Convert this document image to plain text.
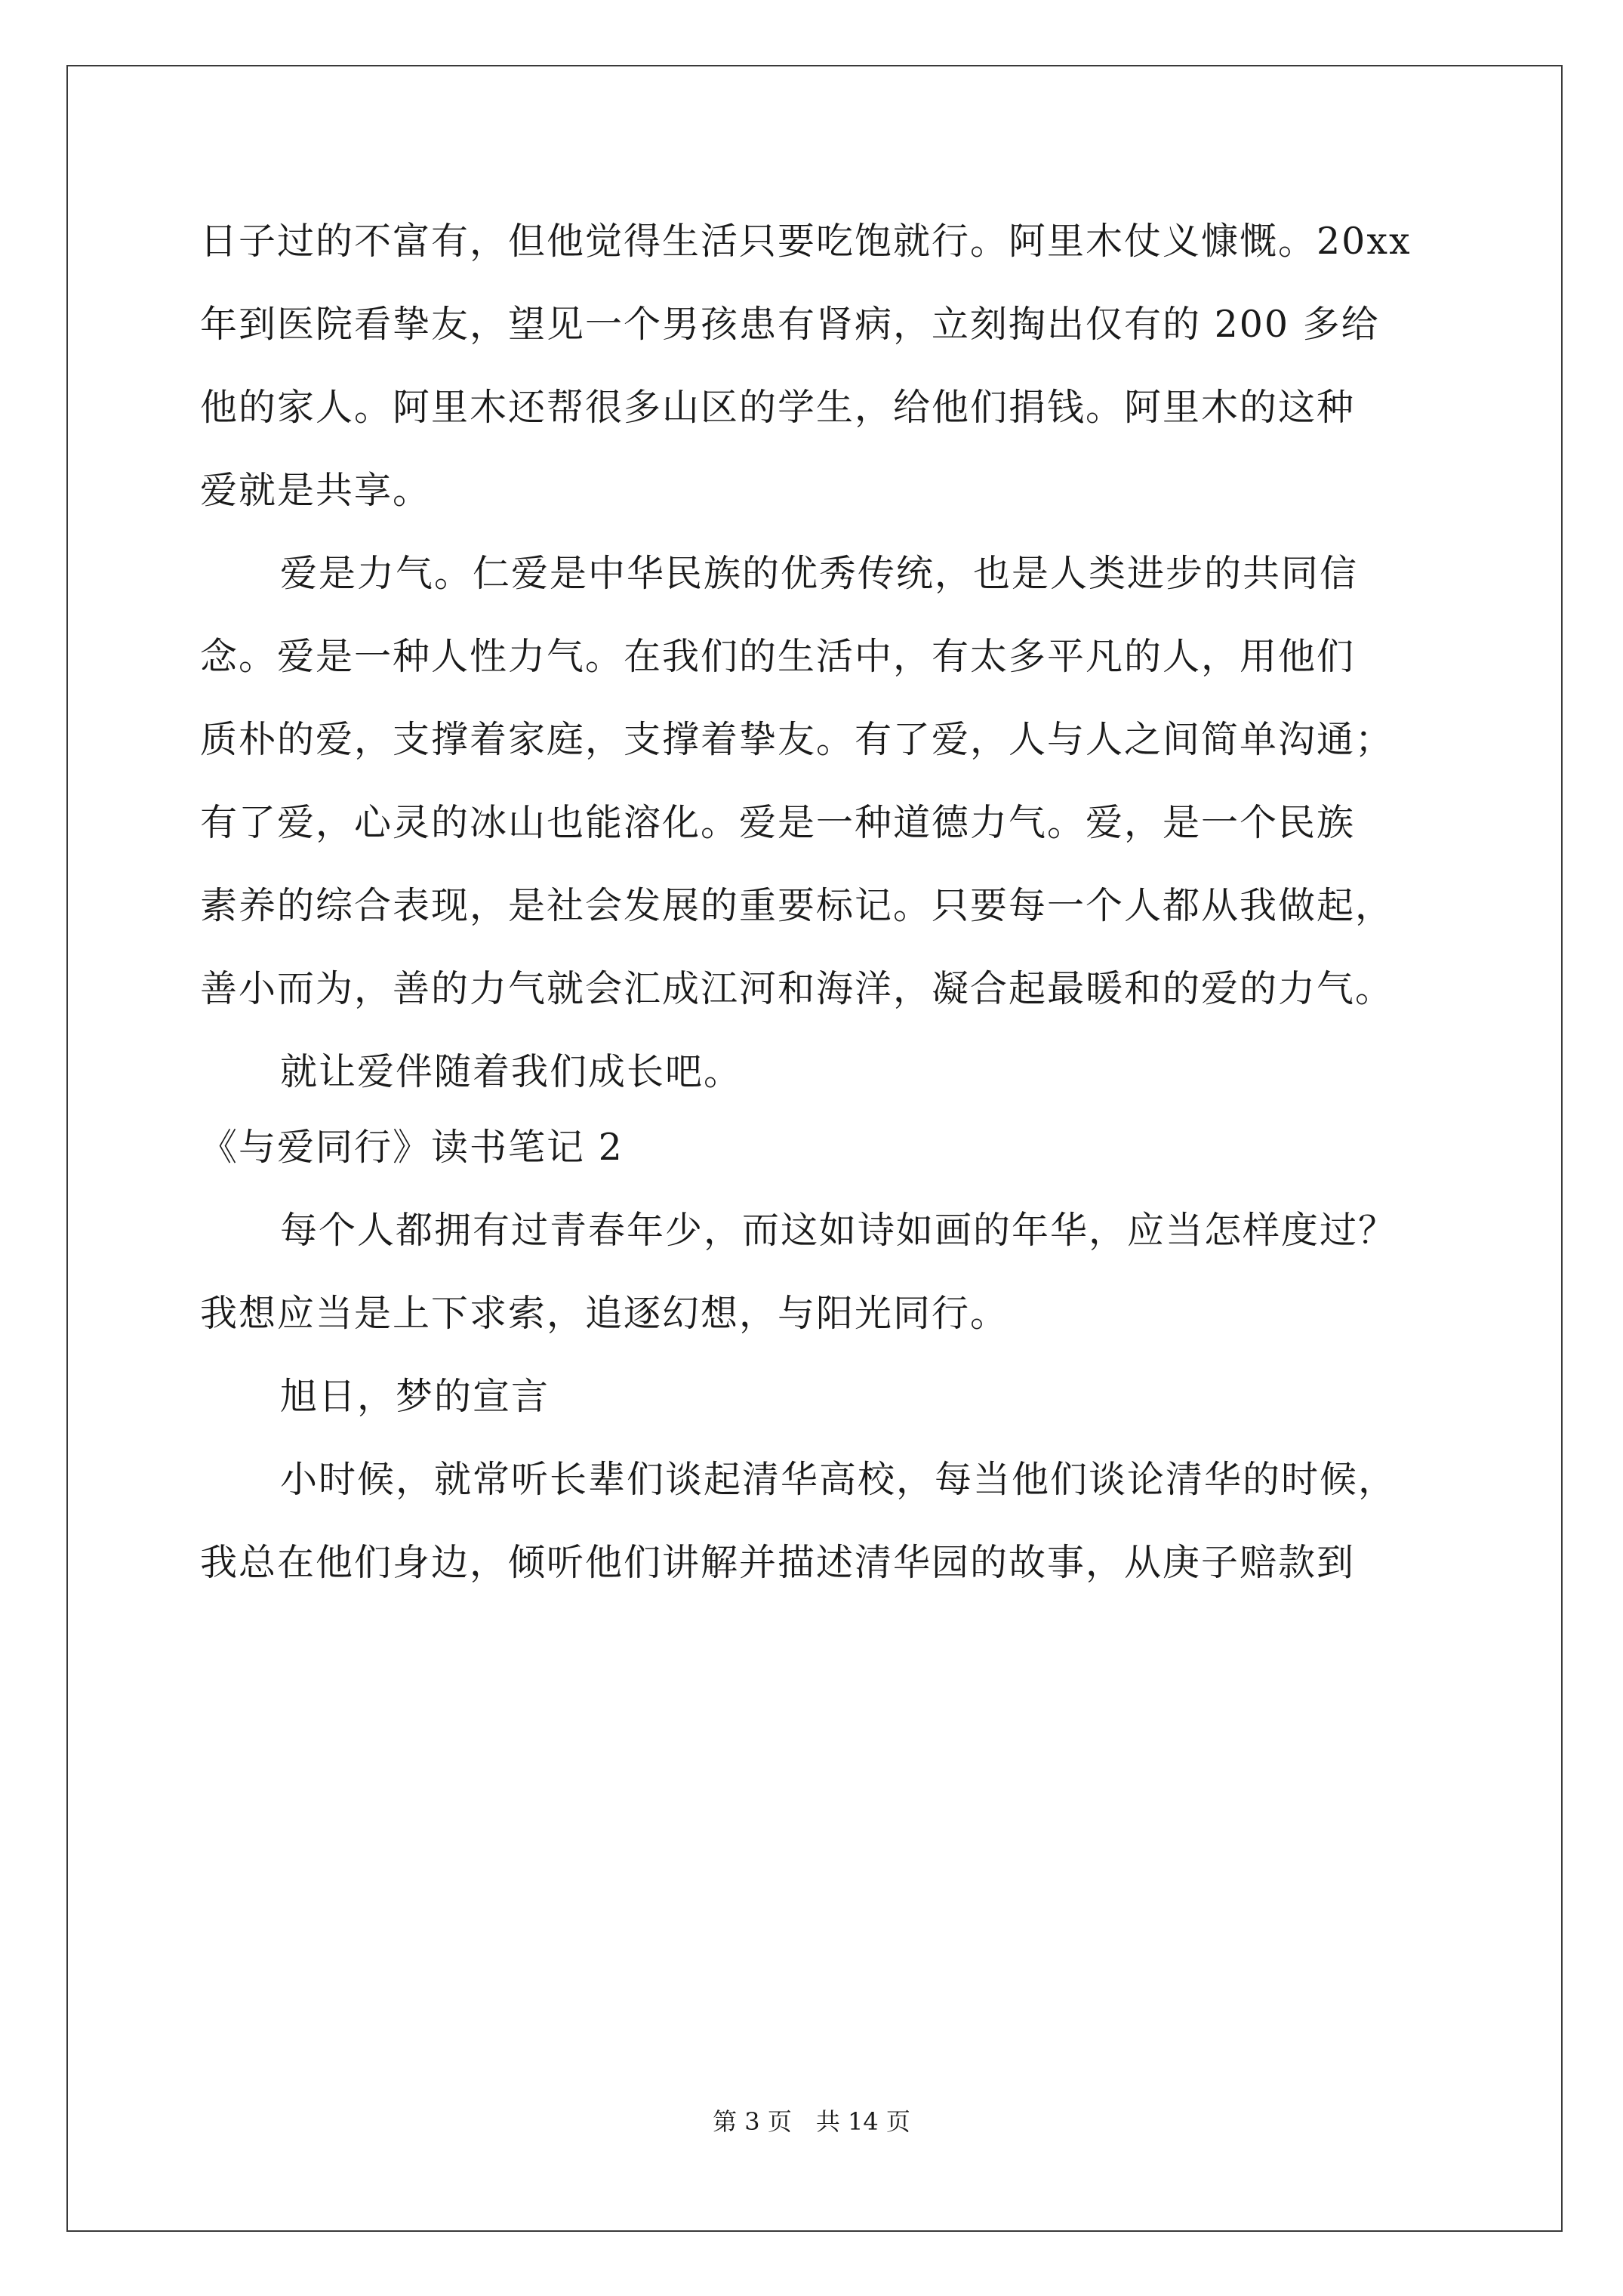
日子过的不富有，但他觉得生活只要吃饱就行。阿里木仗义慷慨。20xx
年到医院看挚友，望见一个男孩患有肾病，立刻掏出仅有的 200 多给
他的家人。阿里木还帮很多山区的学生，给他们捐钱。阿里木的这种
爱就是共享。
爱是力气。仁爱是中华民族的优秀传统，也是人类进步的共同信
念。爱是一种人性力气。在我们的生活中，有太多平凡的人，用他们
质朴的爱，支撑着家庭，支撑着挚友。有了爱，人与人之间简单沟通；
有了爱，心灵的冰山也能溶化。爱是一种道德力气。爱，是一个民族
素养的综合表现，是社会发展的重要标记。只要每一个人都从我做起，
善小而为，善的力气就会汇成江河和海洋，凝合起最暖和的爱的力气。
就让爱伴随着我们成长吧。
《与爱同行》读书笔记 2
每个人都拥有过青春年少，而这如诗如画的年华，应当怎样度过？
我想应当是上下求索，追逐幻想，与阳光同行。
旭日，梦的宣言
小时候，就常听长辈们谈起清华高校，每当他们谈论清华的时候，
我总在他们身边，倾听他们讲解并描述清华园的故事，从庚子赔款到
第 3 页　共 14 页
